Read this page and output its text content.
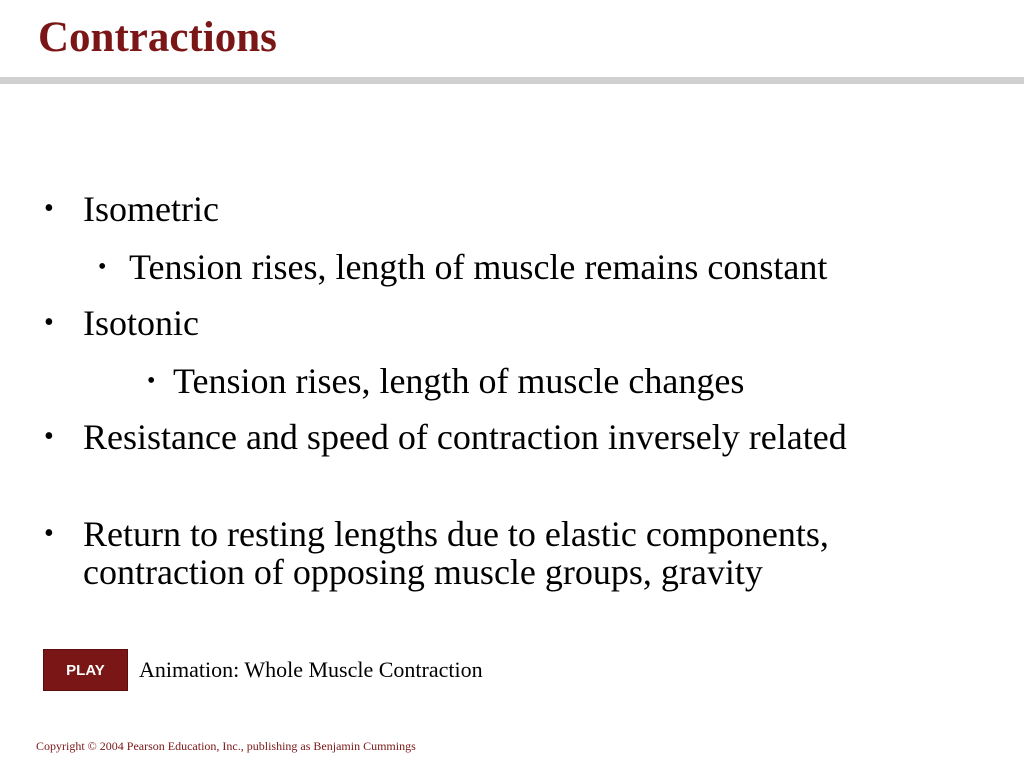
Contractions
• Isometric
• Tension rises, length of muscle remains constant
• Isotonic
• Tension rises, length of muscle changes
• Resistance and speed of contraction inversely related
• Return to resting lengths due to elastic components, contraction of opposing muscle groups, gravity
PLAY	Animation: Whole Muscle Contraction
Copyright © 2004 Pearson Education, Inc., publishing as Benjamin Cummings
